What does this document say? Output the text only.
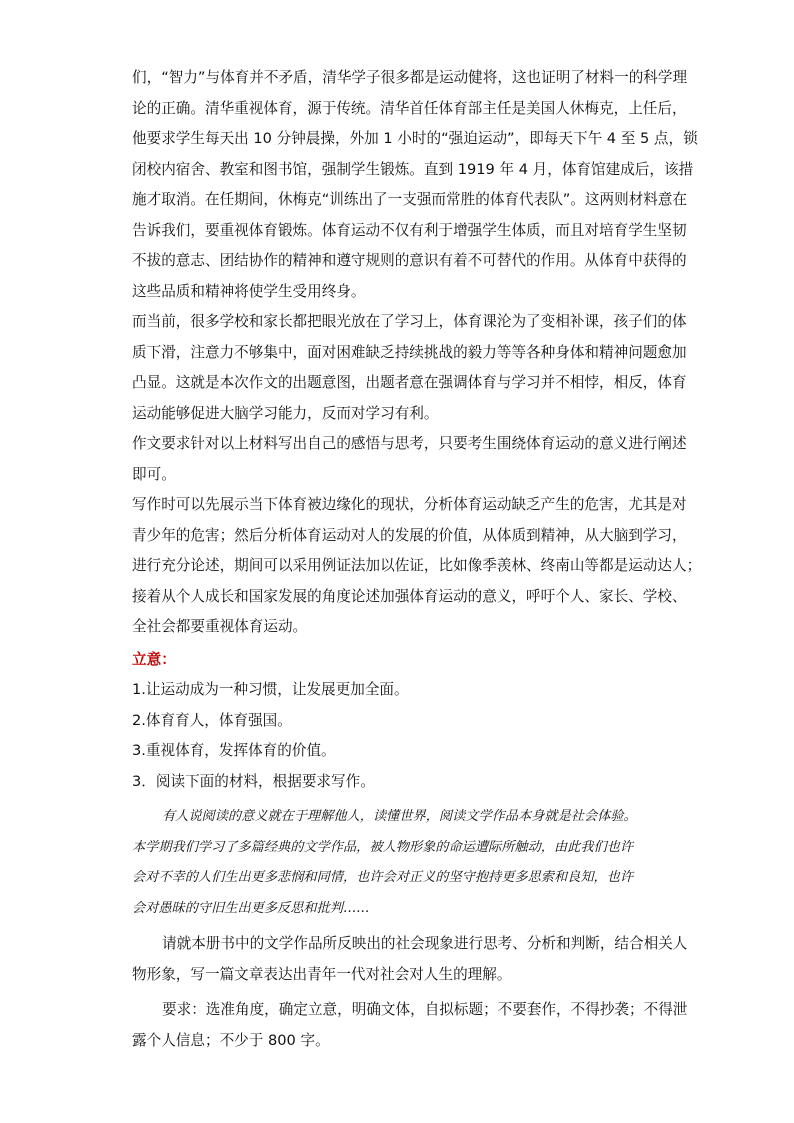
们，“智力”与体育并不矛盾，清华学子很多都是运动健将，这也证明了材料一的科学理
论的正确。清华重视体育，源于传统。清华首任体育部主任是美国人休梅克，上任后，
他要求学生每天出 10 分钟晨操，外加 1 小时的“强迫运动”，即每天下午 4 至 5 点，锁
闭校内宿舍、教室和图书馆，强制学生锻炼。直到 1919 年 4 月，体育馆建成后，该措
施才取消。在任期间，休梅克“训练出了一支强而常胜的体育代表队”。这两则材料意在
告诉我们，要重视体育锻炼。体育运动不仅有利于增强学生体质，而且对培育学生坚韧
不拔的意志、团结协作的精神和遵守规则的意识有着不可替代的作用。从体育中获得的
这些品质和精神将使学生受用终身。

而当前，很多学校和家长都把眼光放在了学习上，体育课沦为了变相补课，孩子们的体
质下滑，注意力不够集中，面对困难缺乏持续挑战的毅力等等各种身体和精神问题愈加
凸显。这就是本次作文的出题意图，出题者意在强调体育与学习并不相悖，相反，体育
运动能够促进大脑学习能力，反而对学习有利。

作文要求针对以上材料写出自己的感悟与思考，只要考生围绕体育运动的意义进行阐述
即可。

写作时可以先展示当下体育被边缘化的现状，分析体育运动缺乏产生的危害，尤其是对
青少年的危害；然后分析体育运动对人的发展的价值，从体质到精神，从大脑到学习，
进行充分论述，期间可以采用例证法加以佐证，比如像季羡林、终南山等都是运动达人；
接着从个人成长和国家发展的角度论述加强体育运动的意义，呼吁个人、家长、学校、
全社会都要重视体育运动。

立意：

1.让运动成为一种习惯，让发展更加全面。

2.体育育人，体育强国。

3.重视体育，发挥体育的价值。

3．阅读下面的材料，根据要求写作。

有人说阅读的意义就在于理解他人，读懂世界，阅读文学作品本身就是社会体验。
本学期我们学习了多篇经典的文学作品，被人物形象的命运遭际所触动，由此我们也许
会对不幸的人们生出更多悲悯和同情，也许会对正义的坚守抱持更多思索和良知，也许
会对愚昧的守旧生出更多反思和批判……

请就本册书中的文学作品所反映出的社会现象进行思考、分析和判断，结合相关人
物形象，写一篇文章表达出青年一代对社会对人生的理解。

要求：选准角度，确定立意，明确文体，自拟标题；不要套作，不得抄袭；不得泄
露个人信息；不少于 800 字。
